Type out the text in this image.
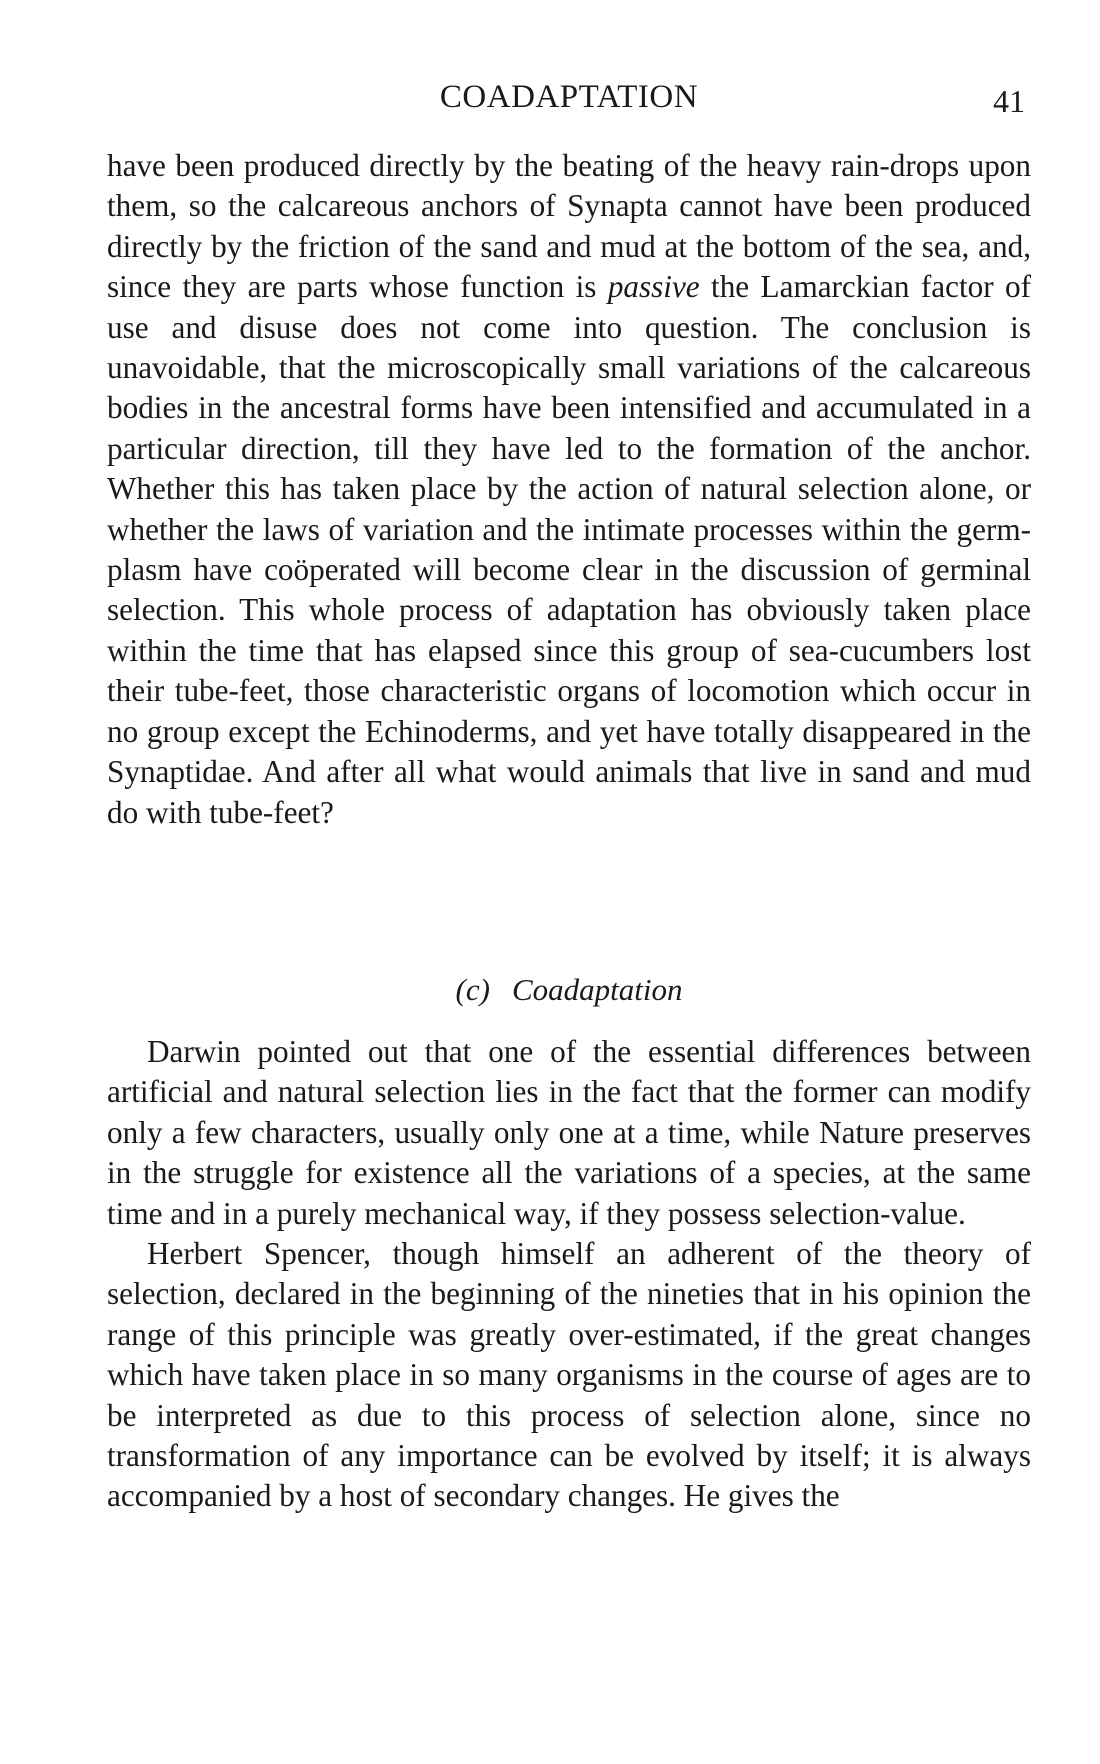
COADAPTATION	41

have been produced directly by the beating of the heavy rain-drops upon them, so the calcareous anchors of Synapta cannot have been produced directly by the friction of the sand and mud at the bottom of the sea, and, since they are parts whose function is passive the Lamarckian factor of use and disuse does not come into question. The conclusion is unavoidable, that the microscopically small variations of the calcareous bodies in the ancestral forms have been intensified and accumulated in a particular direction, till they have led to the formation of the anchor. Whether this has taken place by the action of natural selection alone, or whether the laws of variation and the intimate processes within the germ-plasm have coöperated will become clear in the discussion of germinal selection. This whole process of adaptation has obviously taken place within the time that has elapsed since this group of sea-cucumbers lost their tube-feet, those characteristic organs of locomotion which occur in no group except the Echinoderms, and yet have totally disappeared in the Synaptidae. And after all what would animals that live in sand and mud do with tube-feet?

(c) Coadaptation

Darwin pointed out that one of the essential differences between artificial and natural selection lies in the fact that the former can modify only a few characters, usually only one at a time, while Nature preserves in the struggle for existence all the variations of a species, at the same time and in a purely mechanical way, if they possess selection-value.

Herbert Spencer, though himself an adherent of the theory of selection, declared in the beginning of the nineties that in his opinion the range of this principle was greatly over-estimated, if the great changes which have taken place in so many organisms in the course of ages are to be interpreted as due to this process of selection alone, since no transformation of any importance can be evolved by itself; it is always accompanied by a host of secondary changes. He gives the
